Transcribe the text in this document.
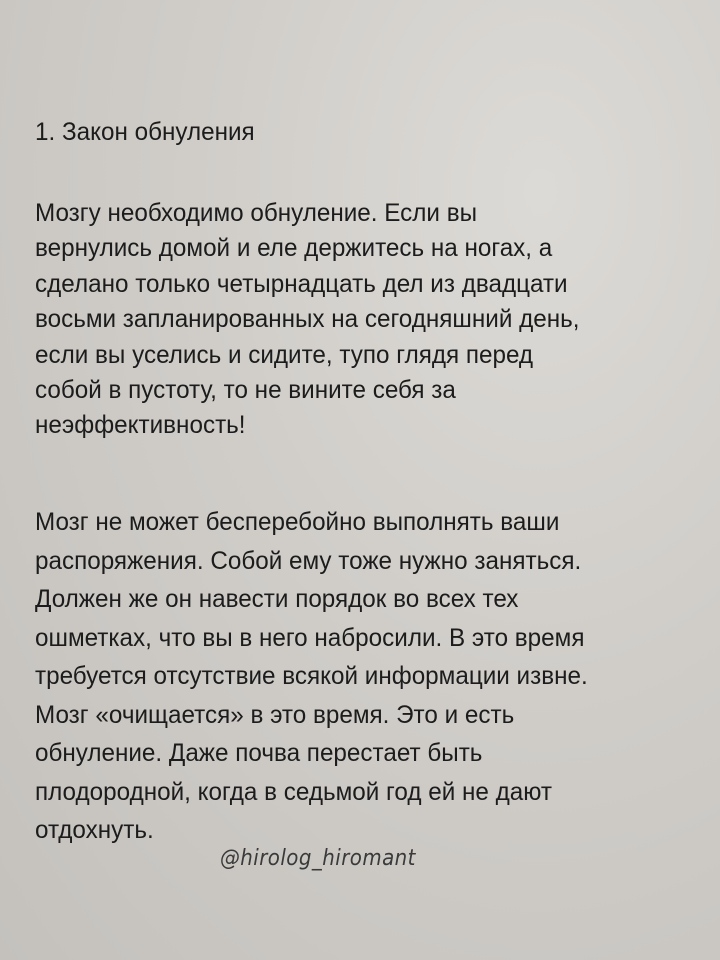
1. Закон обнуления
Мозгу необходимо обнуление. Если вы
вернулись домой и еле держитесь на ногах, а
сделано только четырнадцать дел из двадцати
восьми запланированных на сегодняшний день,
если вы уселись и сидите, тупо глядя перед
собой в пустоту, то не вините себя за
неэффективность!
Мозг не может бесперебойно выполнять ваши
распоряжения. Собой ему тоже нужно заняться.
Должен же он навести порядок во всех тех
ошметках, что вы в него набросили. В это время
требуется отсутствие всякой информации извне.
Мозг «очищается» в это время. Это и есть
обнуление. Даже почва перестает быть
плодородной, когда в седьмой год ей не дают
отдохнуть.
@hirolog_hiromant
